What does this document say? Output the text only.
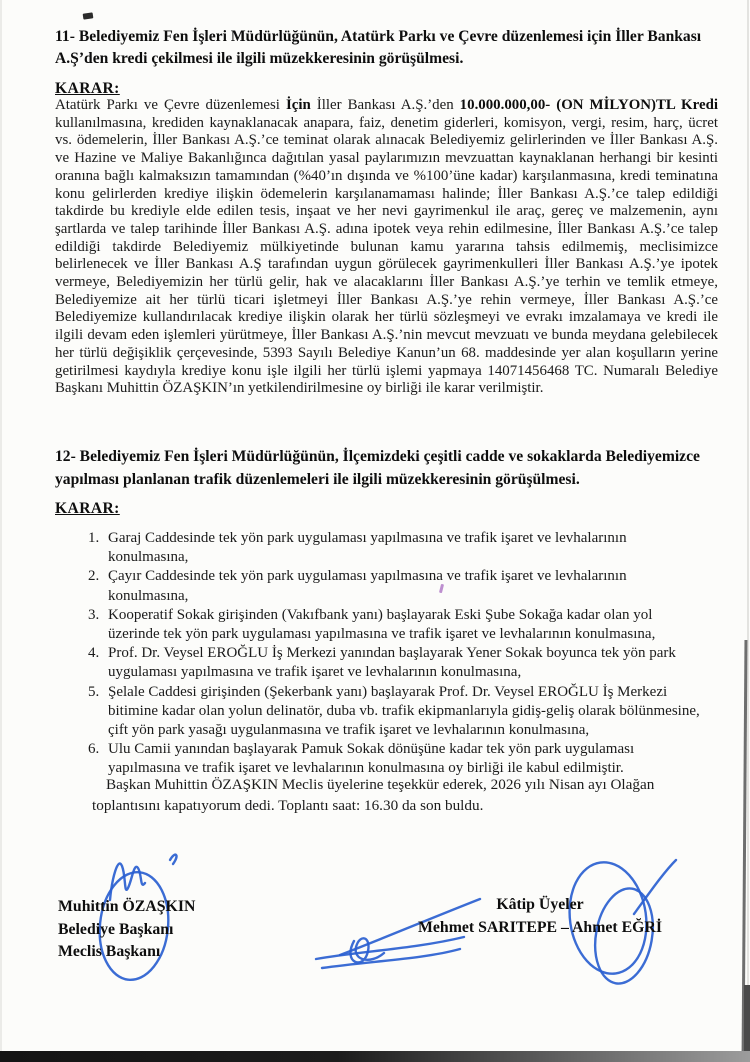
11- Belediyemiz Fen İşleri Müdürlüğünün, Atatürk Parkı ve Çevre düzenlemesi için İller Bankası A.Ş’den kredi çekilmesi ile ilgili müzekkeresinin görüşülmesi.
KARAR:

Atatürk Parkı ve Çevre düzenlemesi İçin İller Bankası A.Ş.’den 10.000.000,00- (ON MİLYON)TL Kredi kullanılmasına, krediden kaynaklanacak anapara, faiz, denetim giderleri, komisyon, vergi, resim, harç, ücret vs. ödemelerin, İller Bankası A.Ş.’ce teminat olarak alınacak Belediyemiz gelirlerinden ve İller Bankası A.Ş. ve Hazine ve Maliye Bakanlığınca dağıtılan yasal paylarımızın mevzuattan kaynaklanan herhangi bir kesinti oranına bağlı kalmaksızın tamamından (%40’ın dışında ve %100’üne kadar) karşılanmasına, kredi teminatına konu gelirlerden krediye ilişkin ödemelerin karşılanamaması halinde; İller Bankası A.Ş.’ce talep edildiği takdirde bu krediyle elde edilen tesis, inşaat ve her nevi gayrimenkul ile araç, gereç ve malzemenin, aynı şartlarda ve talep tarihinde İller Bankası A.Ş. adına ipotek veya rehin edilmesine, İller Bankası A.Ş.’ce talep edildiği takdirde Belediyemiz mülkiyetinde bulunan kamu yararına tahsis edilmemiş, meclisimizce belirlenecek ve İller Bankası A.Ş tarafından uygun görülecek gayrimenkulleri İller Bankası A.Ş.’ye ipotek vermeye, Belediyemizin her türlü gelir, hak ve alacaklarını İller Bankası A.Ş.’ye terhin ve temlik etmeye, Belediyemize ait her türlü ticari işletmeyi İller Bankası A.Ş.’ye rehin vermeye, İller Bankası A.Ş.’ce Belediyemize kullandırılacak krediye ilişkin olarak her türlü sözleşmeyi ve evrakı imzalamaya ve kredi ile ilgili devam eden işlemleri yürütmeye, İller Bankası A.Ş.’nin mevcut mevzuatı ve bunda meydana gelebilecek her türlü değişiklik çerçevesinde, 5393 Sayılı Belediye Kanun’un 68. maddesinde yer alan koşulların yerine getirilmesi kaydıyla krediye konu işle ilgili her türlü işlemi yapmaya 14071456468 TC. Numaralı Belediye Başkanı Muhittin ÖZAŞKIN’ın yetkilendirilmesine oy birliği ile karar verilmiştir.

12- Belediyemiz Fen İşleri Müdürlüğünün, İlçemizdeki çeşitli cadde ve sokaklarda Belediyemizce yapılması planlanan trafik düzenlemeleri ile ilgili müzekkeresinin görüşülmesi.
KARAR:
1. Garaj Caddesinde tek yön park uygulaması yapılmasına ve trafik işaret ve levhalarının konulmasına,
2. Çayır Caddesinde tek yön park uygulaması yapılmasına ve trafik işaret ve levhalarının konulmasına,
3. Kooperatif Sokak girişinden (Vakıfbank yanı) başlayarak Eski Şube Sokağa kadar olan yol üzerinde tek yön park uygulaması yapılmasına ve trafik işaret ve levhalarının konulmasına,
4. Prof. Dr. Veysel EROĞLU İş Merkezi yanından başlayarak Yener Sokak boyunca tek yön park uygulaması yapılmasına ve trafik işaret ve levhalarının konulmasına,
5. Şelale Caddesi girişinden (Şekerbank yanı) başlayarak Prof. Dr. Veysel EROĞLU İş Merkezi bitimine kadar olan yolun delinatör, duba vb. trafik ekipmanlarıyla gidiş-geliş olarak bölünmesine, çift yön park yasağı uygulanmasına ve trafik işaret ve levhalarının konulmasına,
6. Ulu Camii yanından başlayarak Pamuk Sokak dönüşüne kadar tek yön park uygulaması yapılmasına ve trafik işaret ve levhalarının konulmasına oy birliği ile kabul edilmiştir.

Başkan Muhittin ÖZAŞKIN Meclis üyelerine teşekkür ederek, 2026 yılı Nisan ayı Olağan toplantısını kapatıyorum dedi. Toplantı saat: 16.30 da son buldu.

Muhittin ÖZAŞKIN
Belediye Başkanı
Meclis Başkanı
Kâtip Üyeler
Mehmet SARITEPE – Ahmet EĞRİ
